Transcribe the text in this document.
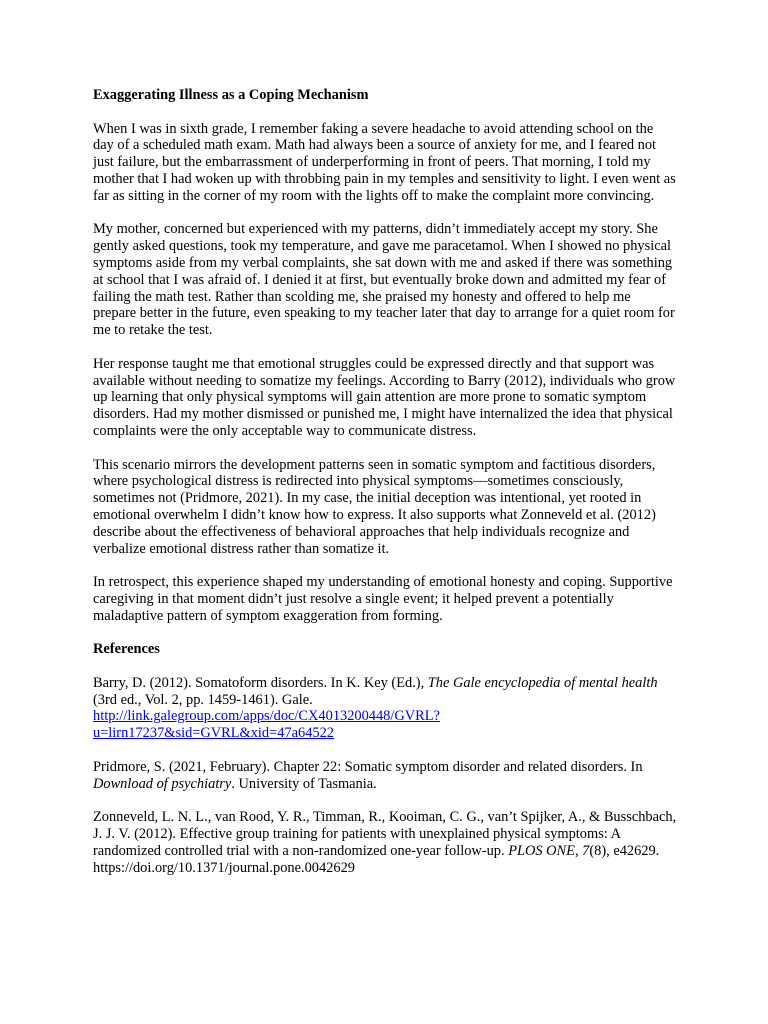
Exaggerating Illness as a Coping Mechanism

When I was in sixth grade, I remember faking a severe headache to avoid attending school on the day of a scheduled math exam. Math had always been a source of anxiety for me, and I feared not just failure, but the embarrassment of underperforming in front of peers. That morning, I told my mother that I had woken up with throbbing pain in my temples and sensitivity to light. I even went as far as sitting in the corner of my room with the lights off to make the complaint more convincing.

My mother, concerned but experienced with my patterns, didn’t immediately accept my story. She gently asked questions, took my temperature, and gave me paracetamol. When I showed no physical symptoms aside from my verbal complaints, she sat down with me and asked if there was something at school that I was afraid of. I denied it at first, but eventually broke down and admitted my fear of failing the math test. Rather than scolding me, she praised my honesty and offered to help me prepare better in the future, even speaking to my teacher later that day to arrange for a quiet room for me to retake the test.

Her response taught me that emotional struggles could be expressed directly and that support was available without needing to somatize my feelings. According to Barry (2012), individuals who grow up learning that only physical symptoms will gain attention are more prone to somatic symptom disorders. Had my mother dismissed or punished me, I might have internalized the idea that physical complaints were the only acceptable way to communicate distress.

This scenario mirrors the development patterns seen in somatic symptom and factitious disorders, where psychological distress is redirected into physical symptoms—sometimes consciously, sometimes not (Pridmore, 2021). In my case, the initial deception was intentional, yet rooted in emotional overwhelm I didn’t know how to express. It also supports what Zonneveld et al. (2012) describe about the effectiveness of behavioral approaches that help individuals recognize and verbalize emotional distress rather than somatize it.

In retrospect, this experience shaped my understanding of emotional honesty and coping. Supportive caregiving in that moment didn’t just resolve a single event; it helped prevent a potentially maladaptive pattern of symptom exaggeration from forming.

References
Barry, D. (2012). Somatoform disorders. In K. Key (Ed.), The Gale encyclopedia of mental health (3rd ed., Vol. 2, pp. 1459-1461). Gale.
http://link.galegroup.com/apps/doc/CX4013200448/GVRL?
u=lirn17237&sid=GVRL&xid=47a64522
Pridmore, S. (2021, February). Chapter 22: Somatic symptom disorder and related disorders. In Download of psychiatry. University of Tasmania.
Zonneveld, L. N. L., van Rood, Y. R., Timman, R., Kooiman, C. G., van’t Spijker, A., & Busschbach, J. J. V. (2012). Effective group training for patients with unexplained physical symptoms: A randomized controlled trial with a non-randomized one-year follow-up. PLOS ONE, 7(8), e42629. https://doi.org/10.1371/journal.pone.0042629
